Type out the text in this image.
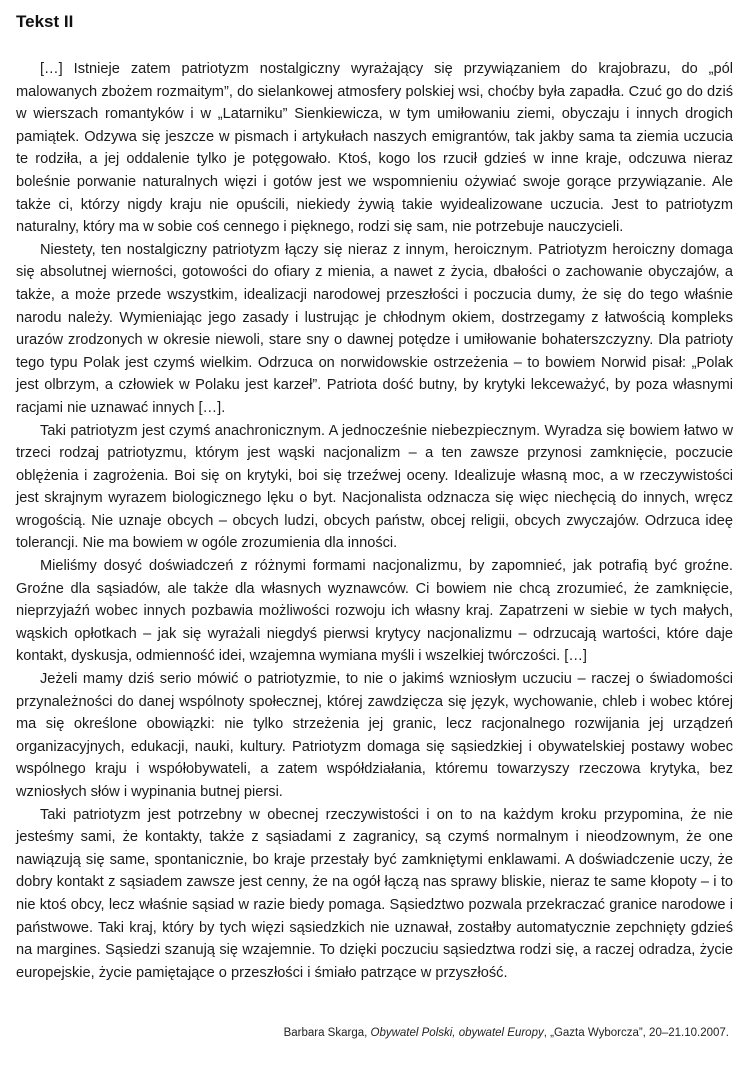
Tekst II

[…] Istnieje zatem patriotyzm nostalgiczny wyrażający się przywiązaniem do krajobrazu, do „pól malowanych zbożem rozmaitym”, do sielankowej atmosfery polskiej wsi, choćby była zapadła. Czuć go do dziś w wierszach romantyków i w „Latarniku” Sienkiewicza, w tym umiłowaniu ziemi, obyczaju i innych drogich pamiątek. Odzywa się jeszcze w pismach i artykułach naszych emigrantów, tak jakby sama ta ziemia uczucia te rodziła, a jej oddalenie tylko je potęgowało. Ktoś, kogo los rzucił gdzieś w inne kraje, odczuwa nieraz boleśnie porwanie naturalnych więzi i gotów jest we wspomnieniu ożywiać swoje gorące przywiązanie. Ale także ci, którzy nigdy kraju nie opuścili, niekiedy żywią takie wyidealizowane uczucia. Jest to patriotyzm naturalny, który ma w sobie coś cennego i pięknego, rodzi się sam, nie potrzebuje nauczycieli.

Niestety, ten nostalgiczny patriotyzm łączy się nieraz z innym, heroicznym. Patriotyzm heroiczny domaga się absolutnej wierności, gotowości do ofiary z mienia, a nawet z życia, dbałości o zachowanie obyczajów, a także, a może przede wszystkim, idealizacji narodowej przeszłości i poczucia dumy, że się do tego właśnie narodu należy. Wymieniając jego zasady i lustrując je chłodnym okiem, dostrzegamy z łatwością kompleks urazów zrodzonych w okresie niewoli, stare sny o dawnej potędze i umiłowanie bohaterszczyzny. Dla patrioty tego typu Polak jest czymś wielkim. Odrzuca on norwidowskie ostrzeżenia – to bowiem Norwid pisał: „Polak jest olbrzym, a człowiek w Polaku jest karzeł”. Patriota dość butny, by krytyki lekceważyć, by poza własnymi racjami nie uznawać innych […].

Taki patriotyzm jest czymś anachronicznym. A jednocześnie niebezpiecznym. Wyradza się bowiem łatwo w trzeci rodzaj patriotyzmu, którym jest wąski nacjonalizm – a ten zawsze przynosi zamknięcie, poczucie oblężenia i zagrożenia. Boi się on krytyki, boi się trzeźwej oceny. Idealizuje własną moc, a w rzeczywistości jest skrajnym wyrazem biologicznego lęku o byt. Nacjonalista odznacza się więc niechęcią do innych, wręcz wrogością. Nie uznaje obcych – obcych ludzi, obcych państw, obcej religii, obcych zwyczajów. Odrzuca ideę tolerancji. Nie ma bowiem w ogóle zrozumienia dla inności.

Mieliśmy dosyć doświadczeń z różnymi formami nacjonalizmu, by zapomnieć, jak potrafią być groźne. Groźne dla sąsiadów, ale także dla własnych wyznawców. Ci bowiem nie chcą zrozumieć, że zamknięcie, nieprzyjaźń wobec innych pozbawia możliwości rozwoju ich własny kraj. Zapatrzeni w siebie w tych małych, wąskich opłotkach – jak się wyrażali niegdyś pierwsi krytycy nacjonalizmu – odrzucają wartości, które daje kontakt, dyskusja, odmienność idei, wzajemna wymiana myśli i wszelkiej twórczości. […]

Jeżeli mamy dziś serio mówić o patriotyzmie, to nie o jakimś wzniosłym uczuciu – raczej o świadomości przynależności do danej wspólnoty społecznej, której zawdzięcza się język, wychowanie, chleb i wobec której ma się określone obowiązki: nie tylko strzeżenia jej granic, lecz racjonalnego rozwijania jej urządzeń organizacyjnych, edukacji, nauki, kultury. Patriotyzm domaga się sąsiedzkiej i obywatelskiej postawy wobec wspólnego kraju i współobywateli, a zatem współdziałania, któremu towarzyszy rzeczowa krytyka, bez wzniosłych słów i wypinania butnej piersi.

Taki patriotyzm jest potrzebny w obecnej rzeczywistości i on to na każdym kroku przypomina, że nie jesteśmy sami, że kontakty, także z sąsiadami z zagranicy, są czymś normalnym i nieodzownym, że one nawiązują się same, spontanicznie, bo kraje przestały być zamkniętymi enklawami. A doświadczenie uczy, że dobry kontakt z sąsiadem zawsze jest cenny, że na ogół łączą nas sprawy bliskie, nieraz te same kłopoty – i to nie ktoś obcy, lecz właśnie sąsiad w razie biedy pomaga. Sąsiedztwo pozwala przekraczać granice narodowe i państwowe. Taki kraj, który by tych więzi sąsiedzkich nie uznawał, zostałby automatycznie zepchnięty gdzieś na margines. Sąsiedzi szanują się wzajemnie. To dzięki poczuciu sąsiedztwa rodzi się, a raczej odradza, życie europejskie, życie pamiętające o przeszłości i śmiało patrzące w przyszłość.

Barbara Skarga, Obywatel Polski, obywatel Europy, „Gazta Wyborcza”, 20–21.10.2007.
